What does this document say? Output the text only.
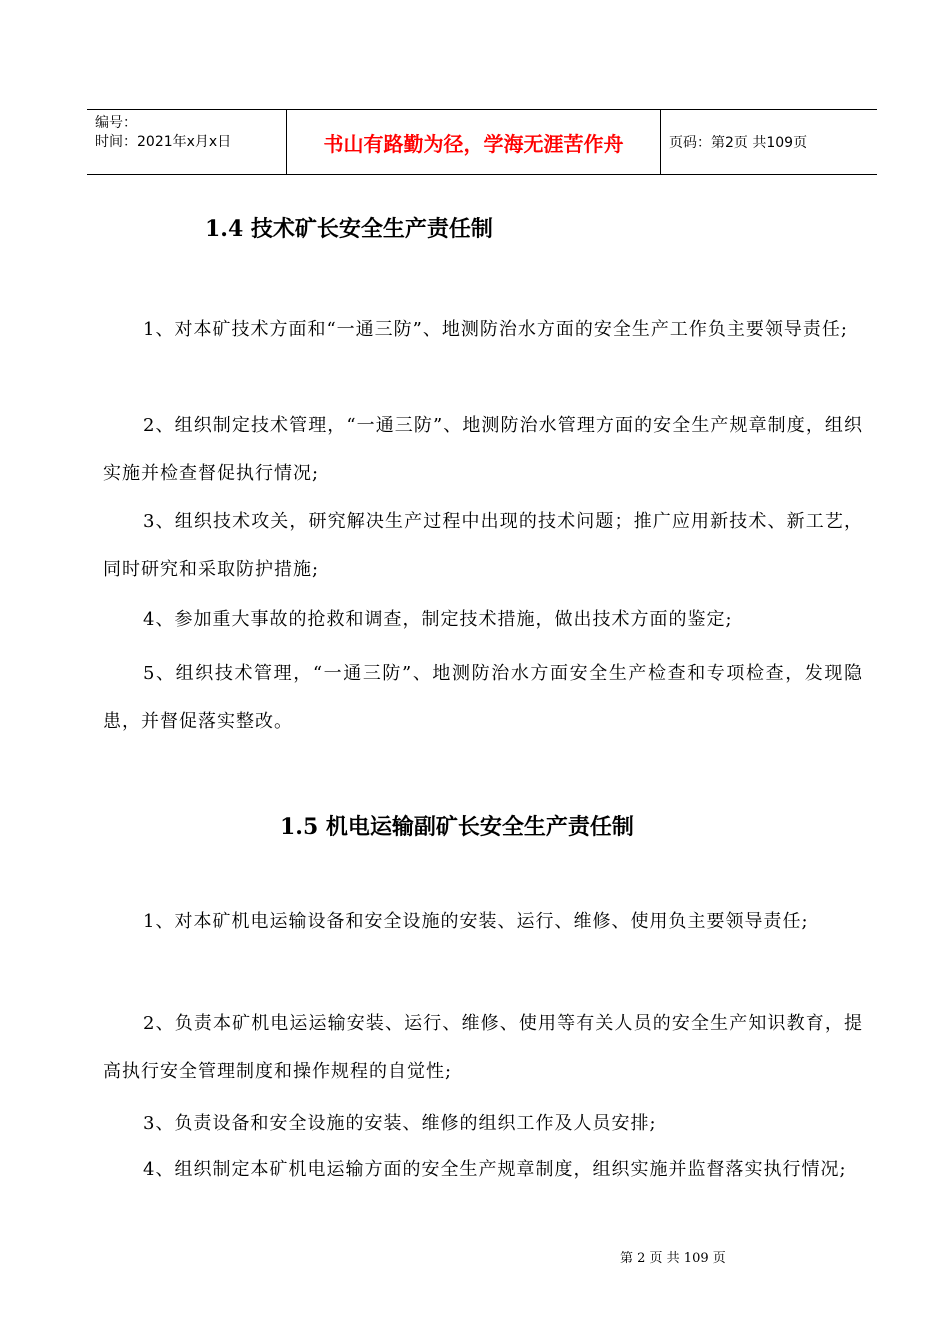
编号：
时间：2021年x月x日	书山有路勤为径，学海无涯苦作舟	页码：第2页 共109页
1.4 技术矿长安全生产责任制

1、对本矿技术方面和“一通三防”、地测防治水方面的安全生产工作负主要领导责任;

2、组织制定技术管理，“一通三防”、地测防治水管理方面的安全生产规章制度，组织实施并检查督促执行情况;

3、组织技术攻关，研究解决生产过程中出现的技术问题；推广应用新技术、新工艺，同时研究和采取防护措施;

4、参加重大事故的抢救和调查，制定技术措施，做出技术方面的鉴定;

5、组织技术管理，“一通三防”、地测防治水方面安全生产检查和专项检查，发现隐患，并督促落实整改。

1.5 机电运输副矿长安全生产责任制

1、对本矿机电运输设备和安全设施的安装、运行、维修、使用负主要领导责任;

2、负责本矿机电运运输安装、运行、维修、使用等有关人员的安全生产知识教育，提高执行安全管理制度和操作规程的自觉性;

3、负责设备和安全设施的安装、维修的组织工作及人员安排;

4、组织制定本矿机电运输方面的安全生产规章制度，组织实施并监督落实执行情况;

第 2 页 共 109 页
